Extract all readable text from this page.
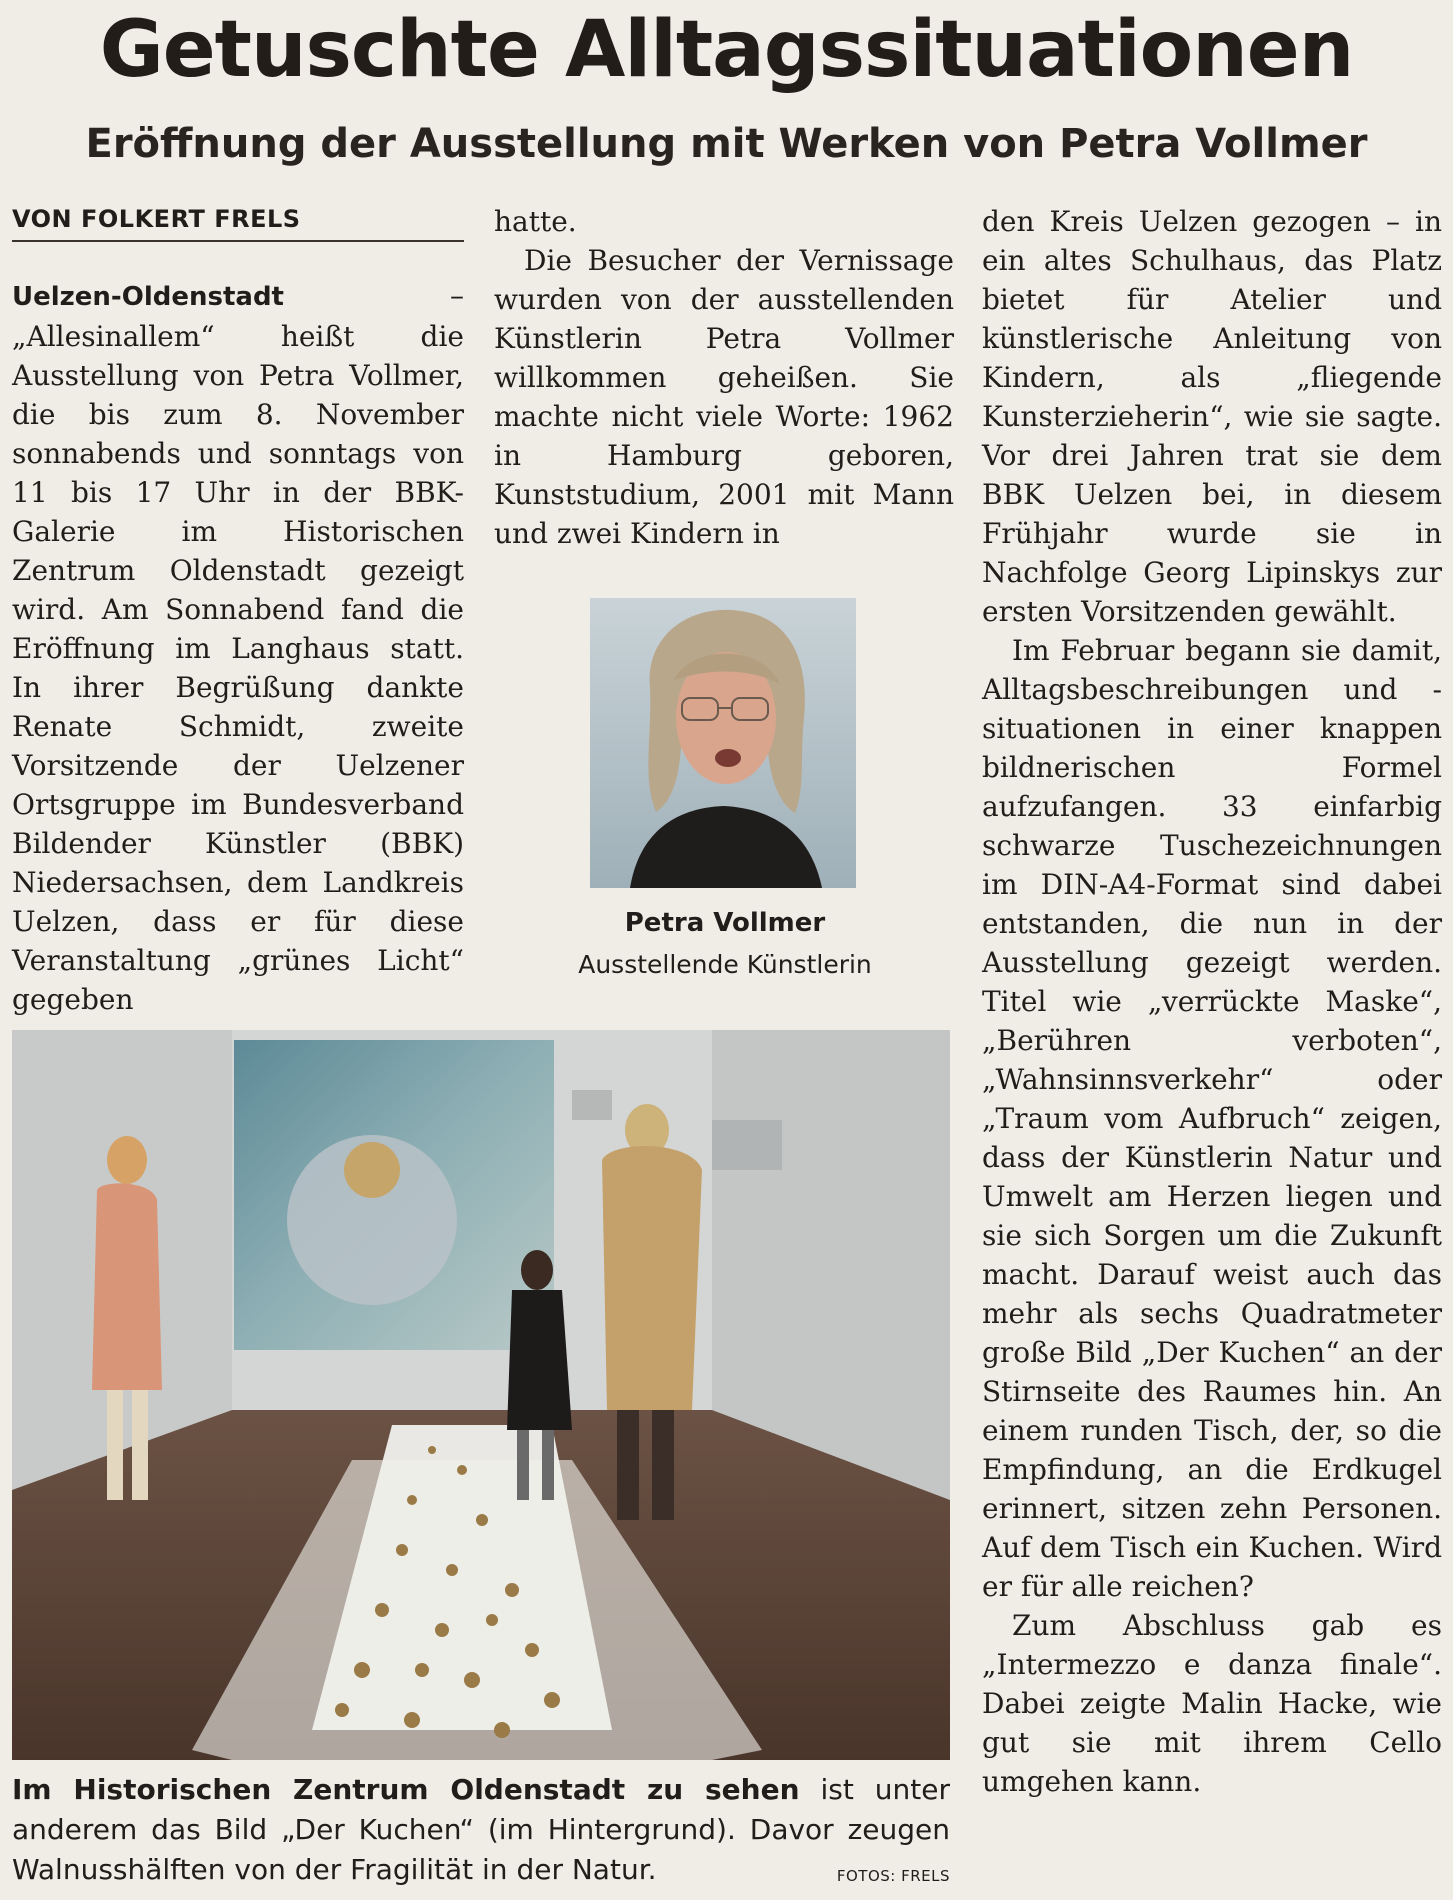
Getuschte Alltagssituationen
Eröffnung der Ausstellung mit Werken von Petra Vollmer
VON FOLKERT FRELS

Uelzen-Oldenstadt – „Allesinallem“ heißt die Ausstellung von Petra Vollmer, die bis zum 8. November sonnabends und sonntags von 11 bis 17 Uhr in der BBK-Galerie im Historischen Zentrum Oldenstadt gezeigt wird. Am Sonnabend fand die Eröffnung im Langhaus statt. In ihrer Begrüßung dankte Renate Schmidt, zweite Vorsitzende der Uelzener Ortsgruppe im Bundesverband Bildender Künstler (BBK) Niedersachsen, dem Landkreis Uelzen, dass er für diese Veranstaltung „grünes Licht“ gegeben

hatte.

Die Besucher der Vernissage wurden von der ausstellenden Künstlerin Petra Vollmer willkommen geheißen. Sie machte nicht viele Worte: 1962 in Hamburg geboren, Kunststudium, 2001 mit Mann und zwei Kindern in

Petra Vollmer
Ausstellende Künstlerin

den Kreis Uelzen gezogen – in ein altes Schulhaus, das Platz bietet für Atelier und künstlerische Anleitung von Kindern, als „fliegende Kunsterzieherin“, wie sie sagte. Vor drei Jahren trat sie dem BBK Uelzen bei, in diesem Frühjahr wurde sie in Nachfolge Georg Lipinskys zur ersten Vorsitzenden gewählt.

Im Februar begann sie damit, Alltagsbeschreibungen und -situationen in einer knappen bildnerischen Formel aufzufangen. 33 einfarbig schwarze Tuschezeichnungen im DIN-A4-Format sind dabei entstanden, die nun in der Ausstellung gezeigt werden. Titel wie „verrückte Maske“, „Berühren verboten“, „Wahnsinnsverkehr“ oder „Traum vom Aufbruch“ zeigen, dass der Künstlerin Natur und Umwelt am Herzen liegen und sie sich Sorgen um die Zukunft macht. Darauf weist auch das mehr als sechs Quadratmeter große Bild „Der Kuchen“ an der Stirnseite des Raumes hin. An einem runden Tisch, der, so die Empfindung, an die Erdkugel erinnert, sitzen zehn Personen. Auf dem Tisch ein Kuchen. Wird er für alle reichen?

Zum Abschluss gab es „Intermezzo e danza finale“. Dabei zeigte Malin Hacke, wie gut sie mit ihrem Cello umgehen kann.

Im Historischen Zentrum Oldenstadt zu sehen ist unter anderem das Bild „Der Kuchen“ (im Hintergrund). Davor zeugen Walnusshälften von der Fragilität in der Natur.	FOTOS: FRELS
